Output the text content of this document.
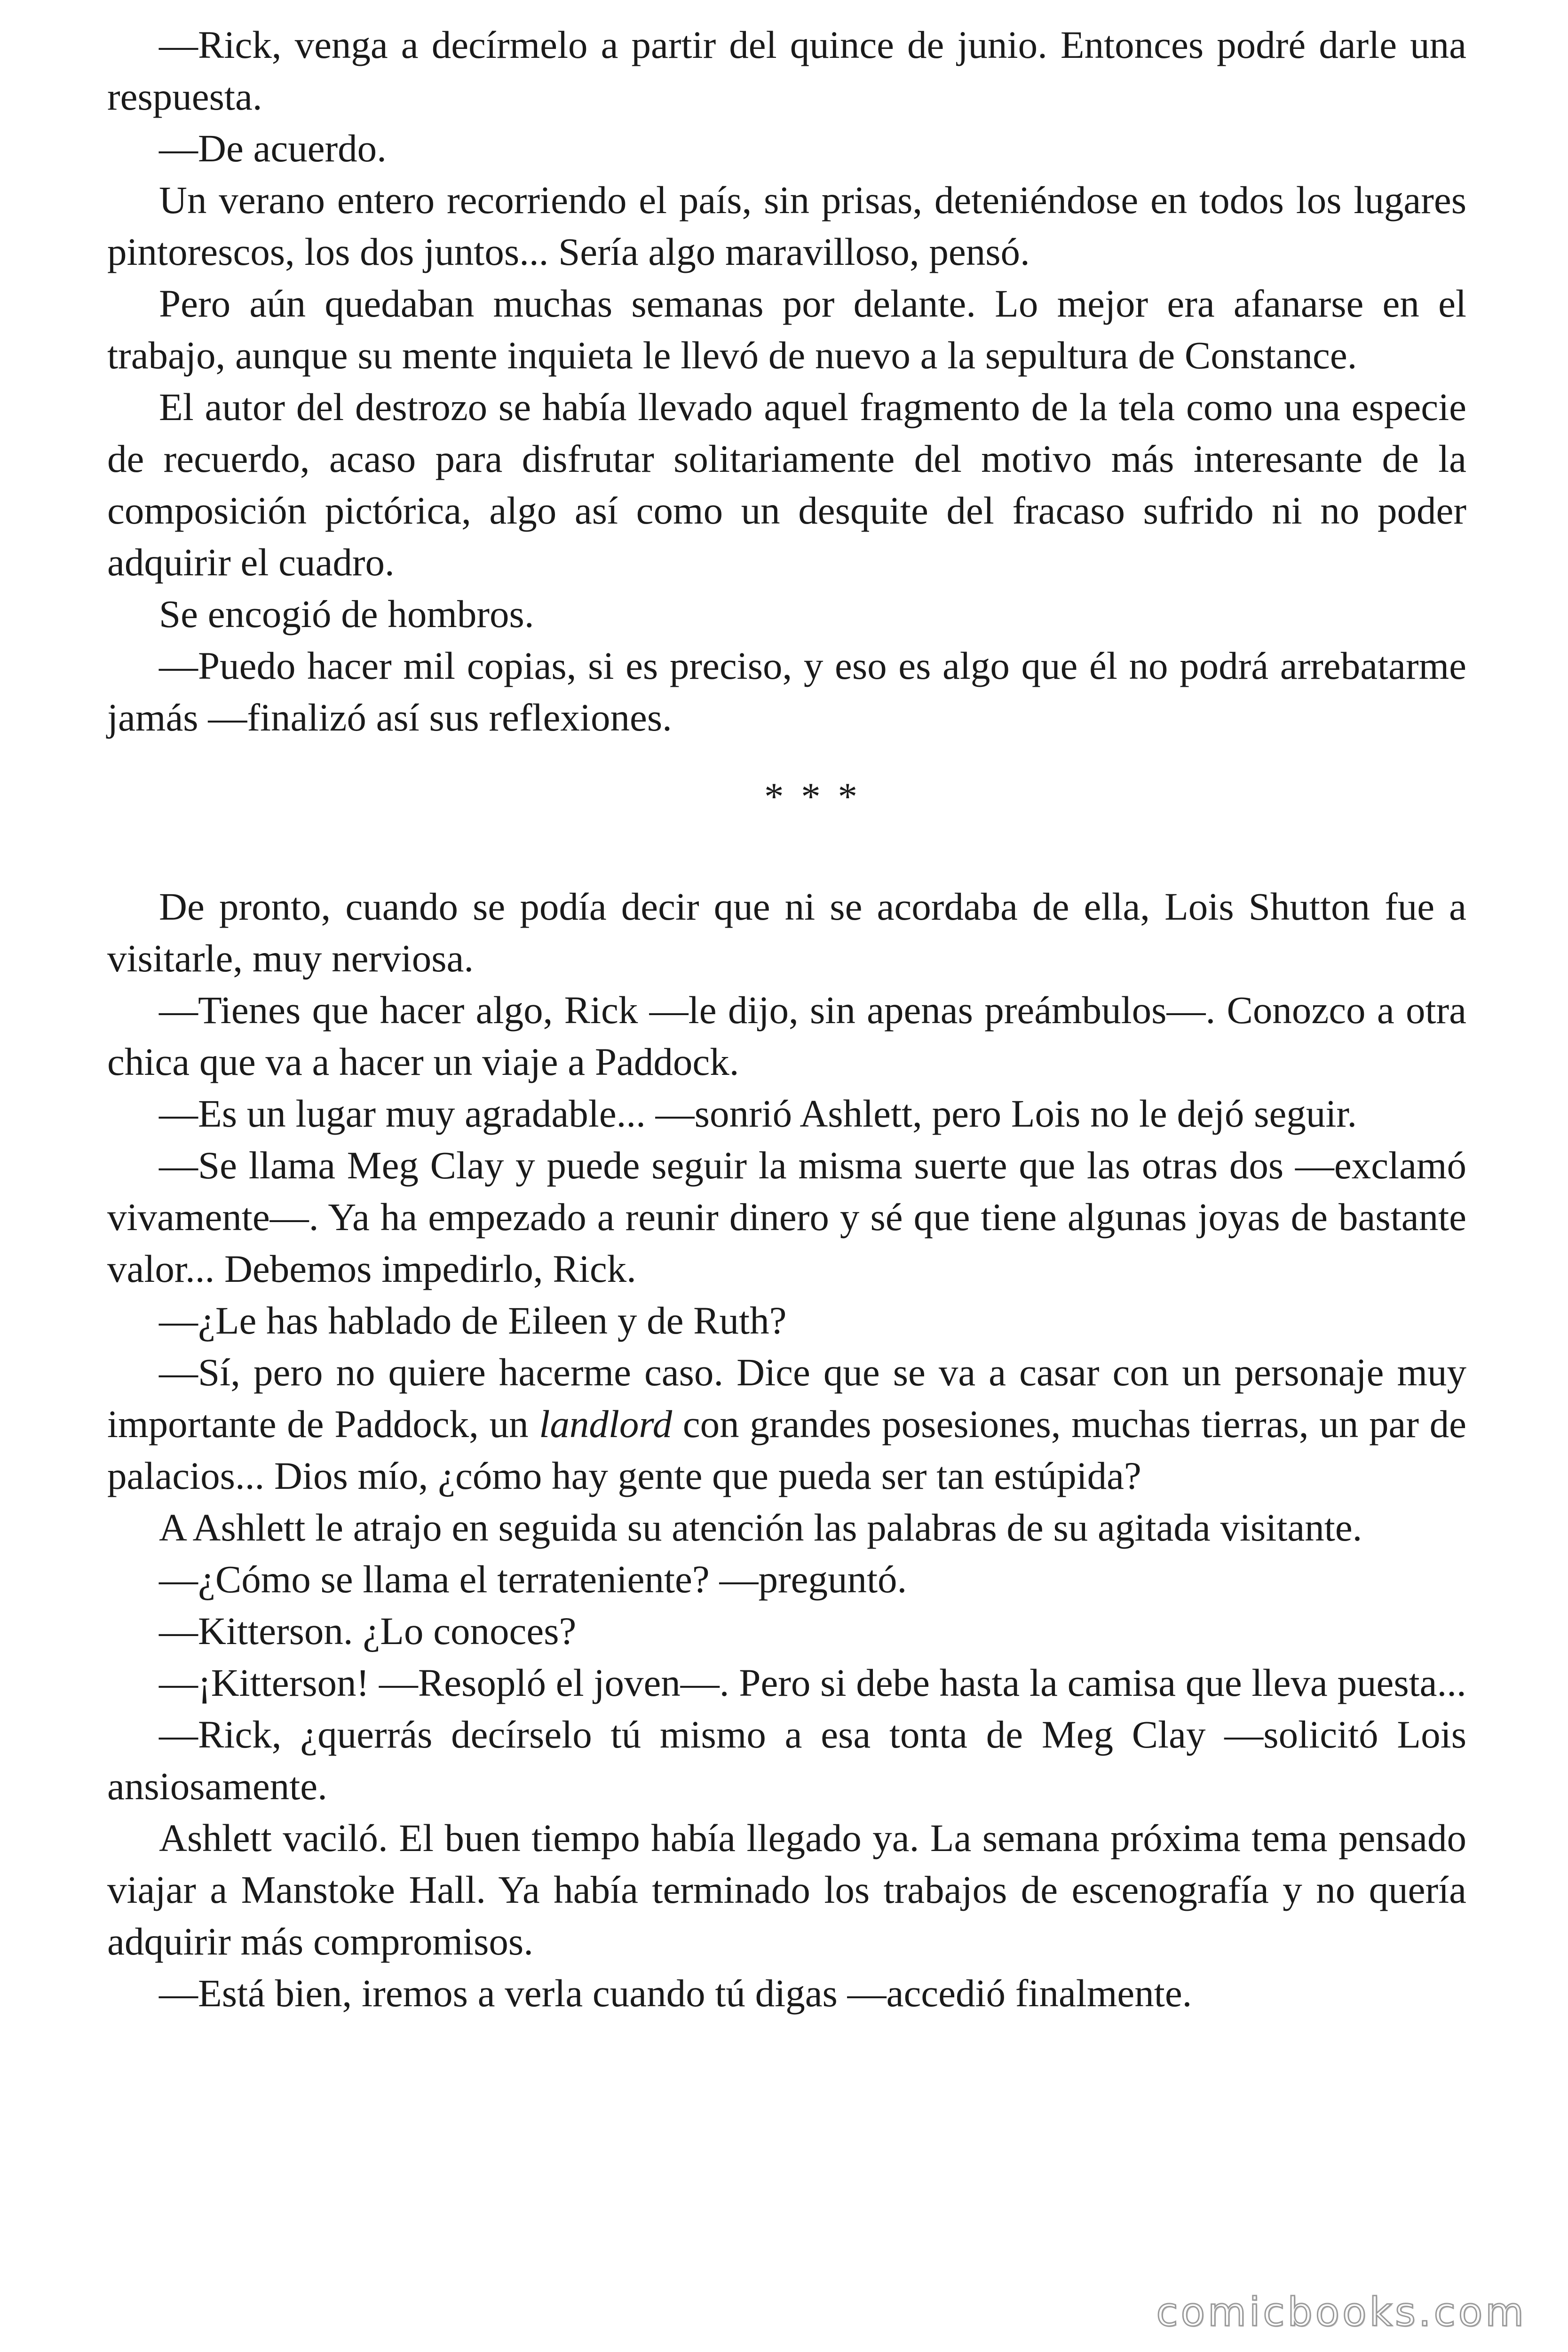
—Rick, venga a decírmelo a partir del quince de junio. Entonces podré darle una respuesta.

—De acuerdo.

Un verano entero recorriendo el país, sin prisas, deteniéndose en todos los lugares pintorescos, los dos juntos... Sería algo maravilloso, pensó.

Pero aún quedaban muchas semanas por delante. Lo mejor era afanarse en el trabajo, aunque su mente inquieta le llevó de nuevo a la sepultura de Constance.

El autor del destrozo se había llevado aquel fragmento de la tela como una especie de recuerdo, acaso para disfrutar solitariamente del motivo más interesante de la composición pictórica, algo así como un desquite del fracaso sufrido ni no poder adquirir el cuadro.

Se encogió de hombros.

—Puedo hacer mil copias, si es preciso, y eso es algo que él no podrá arrebatarme jamás —finalizó así sus reflexiones.

* * *

De pronto, cuando se podía decir que ni se acordaba de ella, Lois Shutton fue a visitarle, muy nerviosa.

—Tienes que hacer algo, Rick —le dijo, sin apenas preámbulos—. Conozco a otra chica que va a hacer un viaje a Paddock.

—Es un lugar muy agradable... —sonrió Ashlett, pero Lois no le dejó seguir.

—Se llama Meg Clay y puede seguir la misma suerte que las otras dos —exclamó vivamente—. Ya ha empezado a reunir dinero y sé que tiene algunas joyas de bastante valor... Debemos impedirlo, Rick.

—¿Le has hablado de Eileen y de Ruth?

—Sí, pero no quiere hacerme caso. Dice que se va a casar con un personaje muy importante de Paddock, un landlord con grandes posesiones, muchas tierras, un par de palacios... Dios mío, ¿cómo hay gente que pueda ser tan estúpida?

A Ashlett le atrajo en seguida su atención las palabras de su agitada visitante.

—¿Cómo se llama el terrateniente? —preguntó.

—Kitterson. ¿Lo conoces?

—¡Kitterson! —Resopló el joven—. Pero si debe hasta la camisa que lleva puesta...

—Rick, ¿querrás decírselo tú mismo a esa tonta de Meg Clay —solicitó Lois ansiosamente.

Ashlett vaciló. El buen tiempo había llegado ya. La semana próxima tema pensado viajar a Manstoke Hall. Ya había terminado los trabajos de escenografía y no quería adquirir más compromisos.

—Está bien, iremos a verla cuando tú digas —accedió finalmente.

comicbooks.com
